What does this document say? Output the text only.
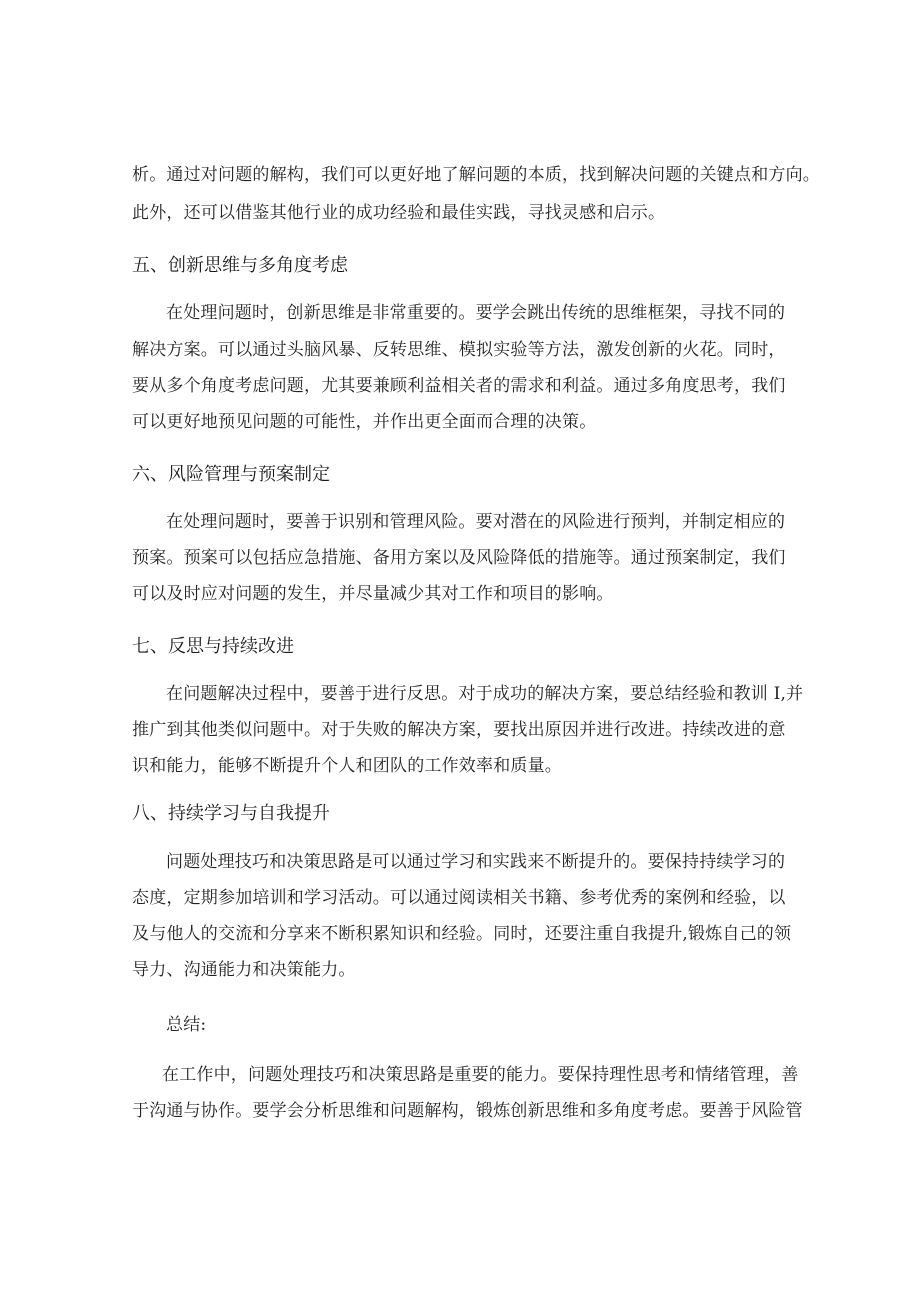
析。通过对问题的解构，我们可以更好地了解问题的本质，找到解决问题的关键点和方向。
此外，还可以借鉴其他行业的成功经验和最佳实践，寻找灵感和启示。
五、创新思维与多角度考虑
在处理问题时，创新思维是非常重要的。要学会跳出传统的思维框架，寻找不同的
解决方案。可以通过头脑风暴、反转思维、模拟实验等方法，激发创新的火花。同时，
要从多个角度考虑问题，尤其要兼顾利益相关者的需求和利益。通过多角度思考，我们
可以更好地预见问题的可能性，并作出更全面而合理的决策。
六、风险管理与预案制定
在处理问题时，要善于识别和管理风险。要对潜在的风险进行预判，并制定相应的
预案。预案可以包括应急措施、备用方案以及风险降低的措施等。通过预案制定，我们
可以及时应对问题的发生，并尽量减少其对工作和项目的影响。
七、反思与持续改进
在问题解决过程中，要善于进行反思。对于成功的解决方案，要总结经验和教训 I,并
推广到其他类似问题中。对于失败的解决方案，要找出原因并进行改进。持续改进的意
识和能力，能够不断提升个人和团队的工作效率和质量。
八、持续学习与自我提升
问题处理技巧和决策思路是可以通过学习和实践来不断提升的。要保持持续学习的
态度，定期参加培训和学习活动。可以通过阅读相关书籍、参考优秀的案例和经验，以
及与他人的交流和分享来不断积累知识和经验。同时，还要注重自我提升,锻炼自己的领
导力、沟通能力和决策能力。
总结:
在工作中，问题处理技巧和决策思路是重要的能力。要保持理性思考和情绪管理，善
于沟通与协作。要学会分析思维和问题解构，锻炼创新思维和多角度考虑。要善于风险管
